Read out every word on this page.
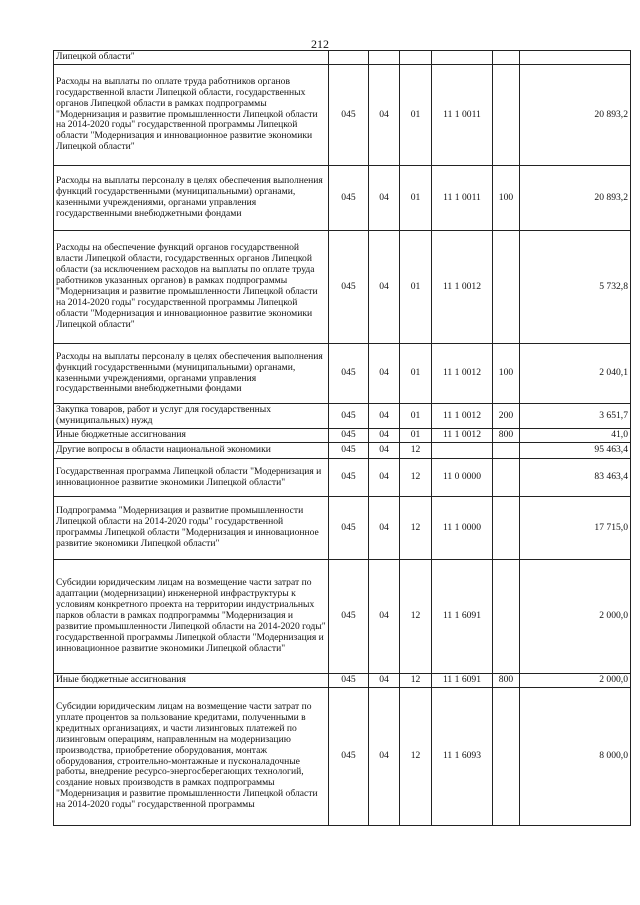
212
Липецкой области"						
Расходы на выплаты по оплате труда работников органов государственной власти Липецкой области, государственных органов Липецкой области в рамках подпрограммы "Модернизация и развитие промышленности Липецкой области на 2014-2020 годы" государственной программы Липецкой области "Модернизация и инновационное развитие экономики Липецкой области"	045	04	01	11 1 0011		20 893,2
Расходы на выплаты персоналу в целях обеспечения выполнения функций государственными (муниципальными) органами, казенными учреждениями, органами управления государственными внебюджетными фондами	045	04	01	11 1 0011	100	20 893,2
Расходы на обеспечение функций органов государственной власти Липецкой области, государственных органов Липецкой области (за исключением расходов на выплаты по оплате труда работников указанных органов) в рамках подпрограммы "Модернизация и развитие промышленности Липецкой области на 2014-2020 годы" государственной программы Липецкой области "Модернизация и инновационное развитие экономики Липецкой области"	045	04	01	11 1 0012		5 732,8
Расходы на выплаты персоналу в целях обеспечения выполнения функций государственными (муниципальными) органами, казенными учреждениями, органами управления государственными внебюджетными фондами	045	04	01	11 1 0012	100	2 040,1
Закупка товаров, работ и услуг для государственных (муниципальных) нужд	045	04	01	11 1 0012	200	3 651,7
Иные бюджетные ассигнования	045	04	01	11 1 0012	800	41,0
Другие вопросы в области национальной экономики	045	04	12			95 463,4
Государственная программа Липецкой области "Модернизация и инновационное развитие экономики Липецкой области"	045	04	12	11 0 0000		83 463,4
Подпрограмма "Модернизация и развитие промышленности Липецкой области на 2014-2020 годы" государственной программы Липецкой области "Модернизация и инновационное развитие экономики Липецкой области"	045	04	12	11 1 0000		17 715,0
Субсидии юридическим лицам на возмещение части затрат по адаптации (модернизации) инженерной инфраструктуры к условиям конкретного проекта на территории индустриальных парков области в рамках подпрограммы "Модернизация и развитие промышленности Липецкой области на 2014-2020 годы" государственной программы Липецкой области "Модернизация и инновационное развитие экономики Липецкой области"	045	04	12	11 1 6091		2 000,0
Иные бюджетные ассигнования	045	04	12	11 1 6091	800	2 000,0
Субсидии юридическим лицам на возмещение части затрат по уплате процентов за пользование кредитами, полученными в кредитных организациях, и части лизинговых платежей по лизинговым операциям, направленным на модернизацию производства, приобретение оборудования, монтаж оборудования, строительно-монтажные и пусконаладочные работы, внедрение ресурсо-энергосберегающих технологий, создание новых производств в рамках подпрограммы "Модернизация и развитие промышленности Липецкой области на 2014-2020 годы" государственной программы	045	04	12	11 1 6093		8 000,0
